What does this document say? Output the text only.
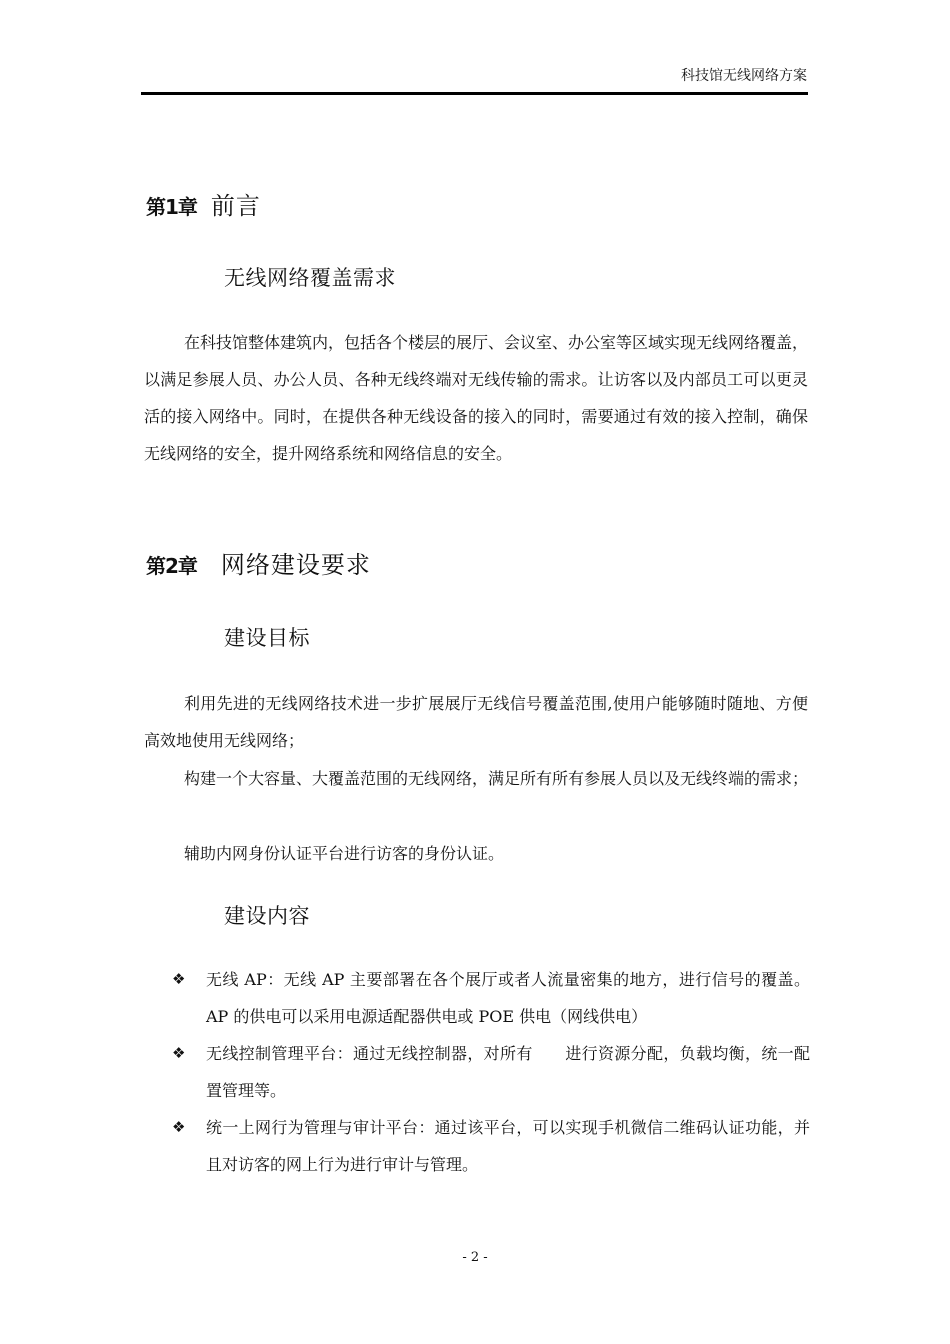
科技馆无线网络方案
第1章 前言
无线网络覆盖需求

在科技馆整体建筑内，包括各个楼层的展厅、会议室、办公室等区域实现无线网络覆盖，以满足参展人员、办公人员、各种无线终端对无线传输的需求。让访客以及内部员工可以更灵活的接入网络中。同时，在提供各种无线设备的接入的同时，需要通过有效的接入控制，确保无线网络的安全，提升网络系统和网络信息的安全。

第2章 网络建设要求
建设目标

利用先进的无线网络技术进一步扩展展厅无线信号覆盖范围,使用户能够随时随地、方便高效地使用无线网络；

构建一个大容量、大覆盖范围的无线网络，满足所有所有参展人员以及无线终端的需求；

辅助内网身份认证平台进行访客的身份认证。

建设内容
❖ 无线 AP：无线 AP 主要部署在各个展厅或者人流量密集的地方，进行信号的覆盖。AP 的供电可以采用电源适配器供电或 POE 供电（网线供电）
❖ 无线控制管理平台：通过无线控制器，对所有　　进行资源分配，负载均衡，统一配置管理等。
❖ 统一上网行为管理与审计平台：通过该平台，可以实现手机微信二维码认证功能，并且对访客的网上行为进行审计与管理。
- 2 -
